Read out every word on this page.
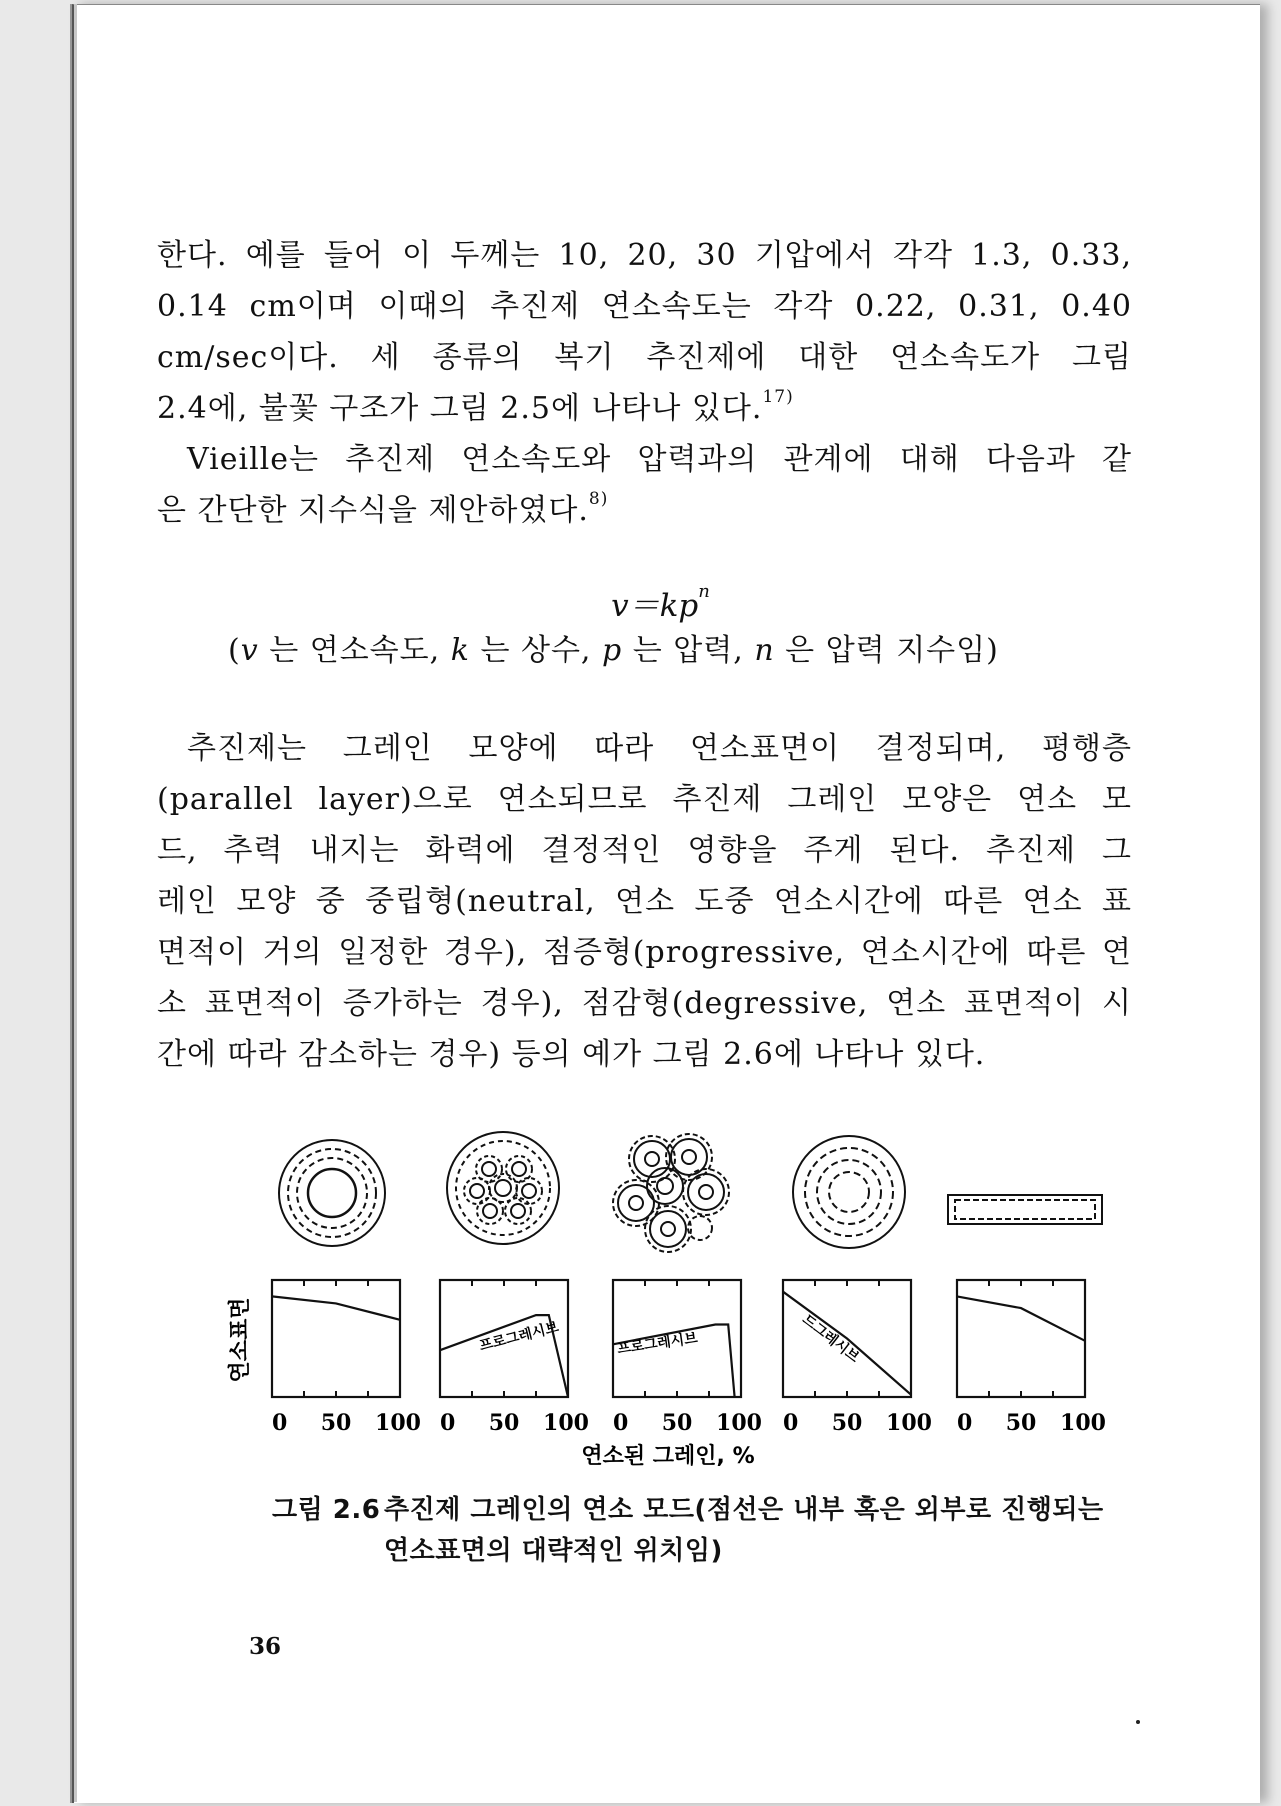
한다. 예를 들어 이 두께는 10, 20, 30 기압에서 각각 1.3, 0.33,
0.14 cm이며 이때의 추진제 연소속도는 각각 0.22, 0.31, 0.40
cm/sec이다. 세 종류의 복기 추진제에 대한 연소속도가 그림
2.4에, 불꽃 구조가 그림 2.5에 나타나 있다.$^{17)}$
Vieille는 추진제 연소속도와 압력과의 관계에 대해 다음과 같
은 간단한 지수식을 제안하였다.$^{8)}$
$v=kp^n$
(v 는 연소속도, k 는 상수, p 는 압력, n 은 압력 지수임)
추진제는 그레인 모양에 따라 연소표면이 결정되며, 평행층
(parallel layer)으로 연소되므로 추진제 그레인 모양은 연소 모
드, 추력 내지는 화력에 결정적인 영향을 주게 된다. 추진제 그
레인 모양 중 중립형(neutral, 연소 도중 연소시간에 따른 연소 표
면적이 거의 일정한 경우), 점증형(progressive, 연소시간에 따른 연
소 표면적이 증가하는 경우), 점감형(degressive, 연소 표면적이 시
간에 따라 감소하는 경우) 등의 예가 그림 2.6에 나타나 있다.
0 50 100 0 50 100
프로그레시브
0 50 100
프로그레시브
0 50 100
드그레시브
0 50 100
연소표면
연소된 그레인, %
그림 2.6 추진제 그레인의 연소 모드(점선은 내부 혹은 외부로 진행되는
연소표면의 대략적인 위치임)
36
